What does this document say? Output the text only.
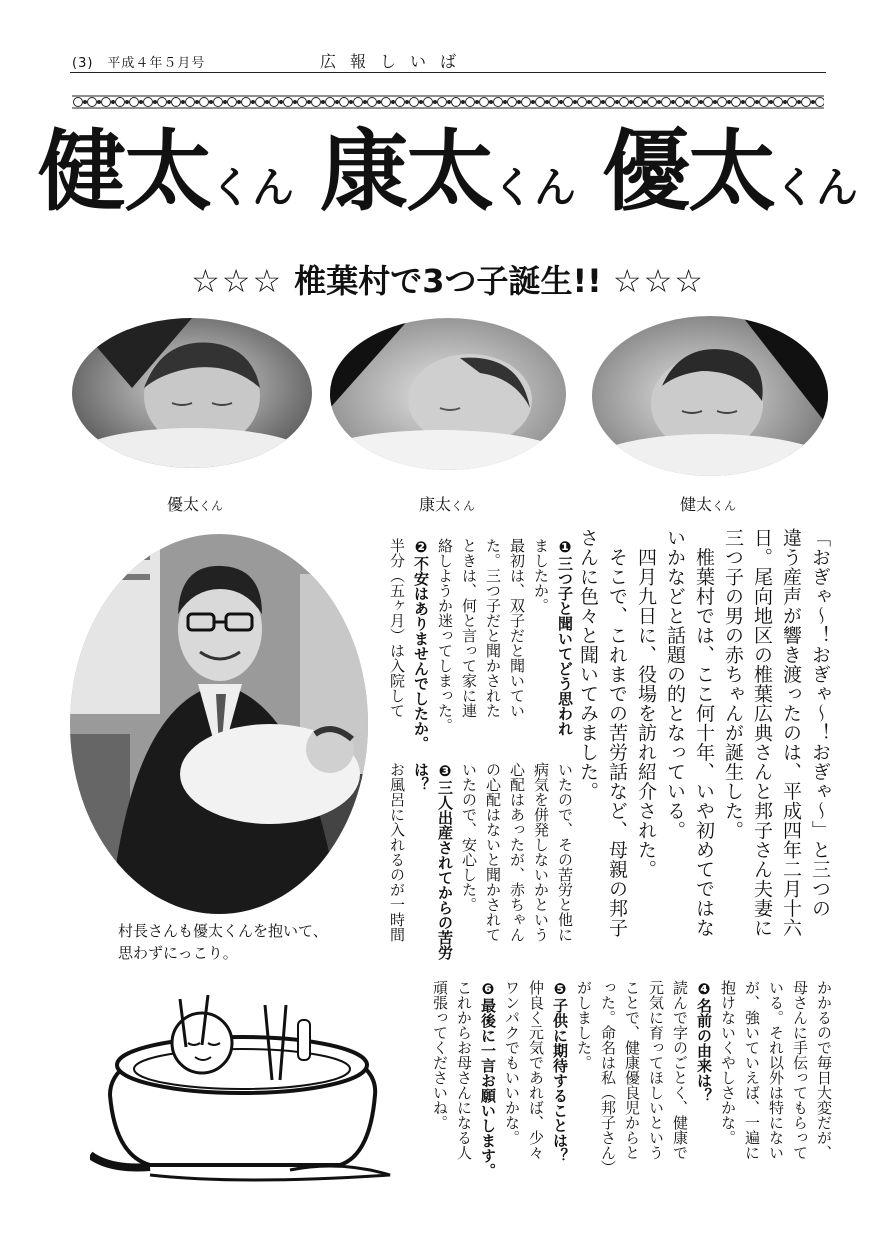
(3)　平成４年５月号	広報しいば
健太くん 康太くん 優太くん
☆☆☆ 椎葉村で3つ子誕生!! ☆☆☆
優太くん	康太くん	健太くん
村長さんも優太くんを抱いて、
思わずにっこり。

「おぎゃ〜！おぎゃ〜！おぎゃ〜」と三つの

違う産声が響き渡ったのは、平成四年二月十六

日。尾向地区の椎葉広典さんと邦子さん夫妻に

三つ子の男の赤ちゃんが誕生した。

　椎葉村では、ここ何十年、いや初めてではな

いかなどと話題の的となっている。

　四月九日に、役場を訪れ紹介された。

　そこで、これまでの苦労話など、母親の邦子

さんに色々と聞いてみました。

❶三つ子と聞いてどう思われ

ましたか。

最初は、双子だと聞いてい

た。三つ子だと聞かされた

ときは、何と言って家に連

絡しようか迷ってしまった。

❷不安はありませんでしたか。

半分（五ヶ月）は入院して

いたので、その苦労と他に

病気を併発しないかという

心配はあったが、赤ちゃん

の心配はないと聞かされて

いたので、安心した。

❸三人出産されてからの苦労

は？

お風呂に入れるのが一時間

かかるので毎日大変だが、

母さんに手伝ってもらって

いる。それ以外は特にない

が、強いていえば、一遍に

抱けないくやしさかな。

❹名前の由来は？

読んで字のごとく、健康で

元気に育ってほしいという

ことで、健康優良児からと

った。命名は私（邦子さん）

がしました。

❺子供に期待することは？

仲良く元気であれば、少々

ワンパクでもいいかな。

❻最後に一言お願いします。

これからお母さんになる人

頑張ってくださいね。
